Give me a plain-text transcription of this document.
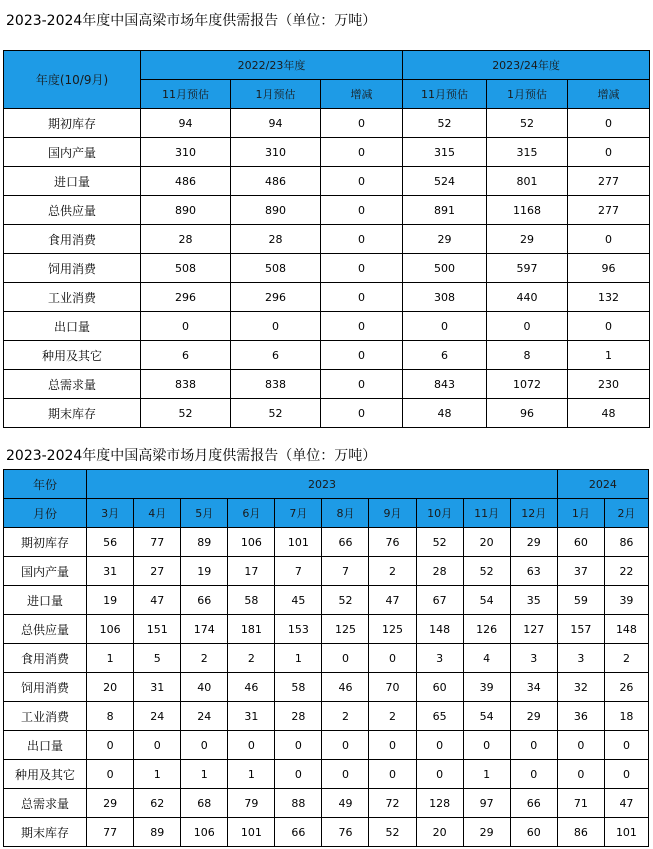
2023-2024年度中国高梁市场年度供需报告（单位：万吨）
年度(10/9月)	2022/23年度			2023/24年度		
	11月预估	1月预估	增减	11月预估	1月预估	增减
期初库存	94	94	0	52	52	0
国内产量	310	310	0	315	315	0
进口量	486	486	0	524	801	277
总供应量	890	890	0	891	1168	277
食用消费	28	28	0	29	29	0
饲用消费	508	508	0	500	597	96
工业消费	296	296	0	308	440	132
出口量	0	0	0	0	0	0
种用及其它	6	6	0	6	8	1
总需求量	838	838	0	843	1072	230
期末库存	52	52	0	48	96	48
2023-2024年度中国高梁市场月度供需报告（单位：万吨）
年份	2023										2024	
月份	3月	4月	5月	6月	7月	8月	9月	10月	11月	12月	1月	2月
期初库存	56	77	89	106	101	66	76	52	20	29	60	86
国内产量	31	27	19	17	7	7	2	28	52	63	37	22
进口量	19	47	66	58	45	52	47	67	54	35	59	39
总供应量	106	151	174	181	153	125	125	148	126	127	157	148
食用消费	1	5	2	2	1	0	0	3	4	3	3	2
饲用消费	20	31	40	46	58	46	70	60	39	34	32	26
工业消费	8	24	24	31	28	2	2	65	54	29	36	18
出口量	0	0	0	0	0	0	0	0	0	0	0	0
种用及其它	0	1	1	1	0	0	0	0	1	0	0	0
总需求量	29	62	68	79	88	49	72	128	97	66	71	47
期末库存	77	89	106	101	66	76	52	20	29	60	86	101
